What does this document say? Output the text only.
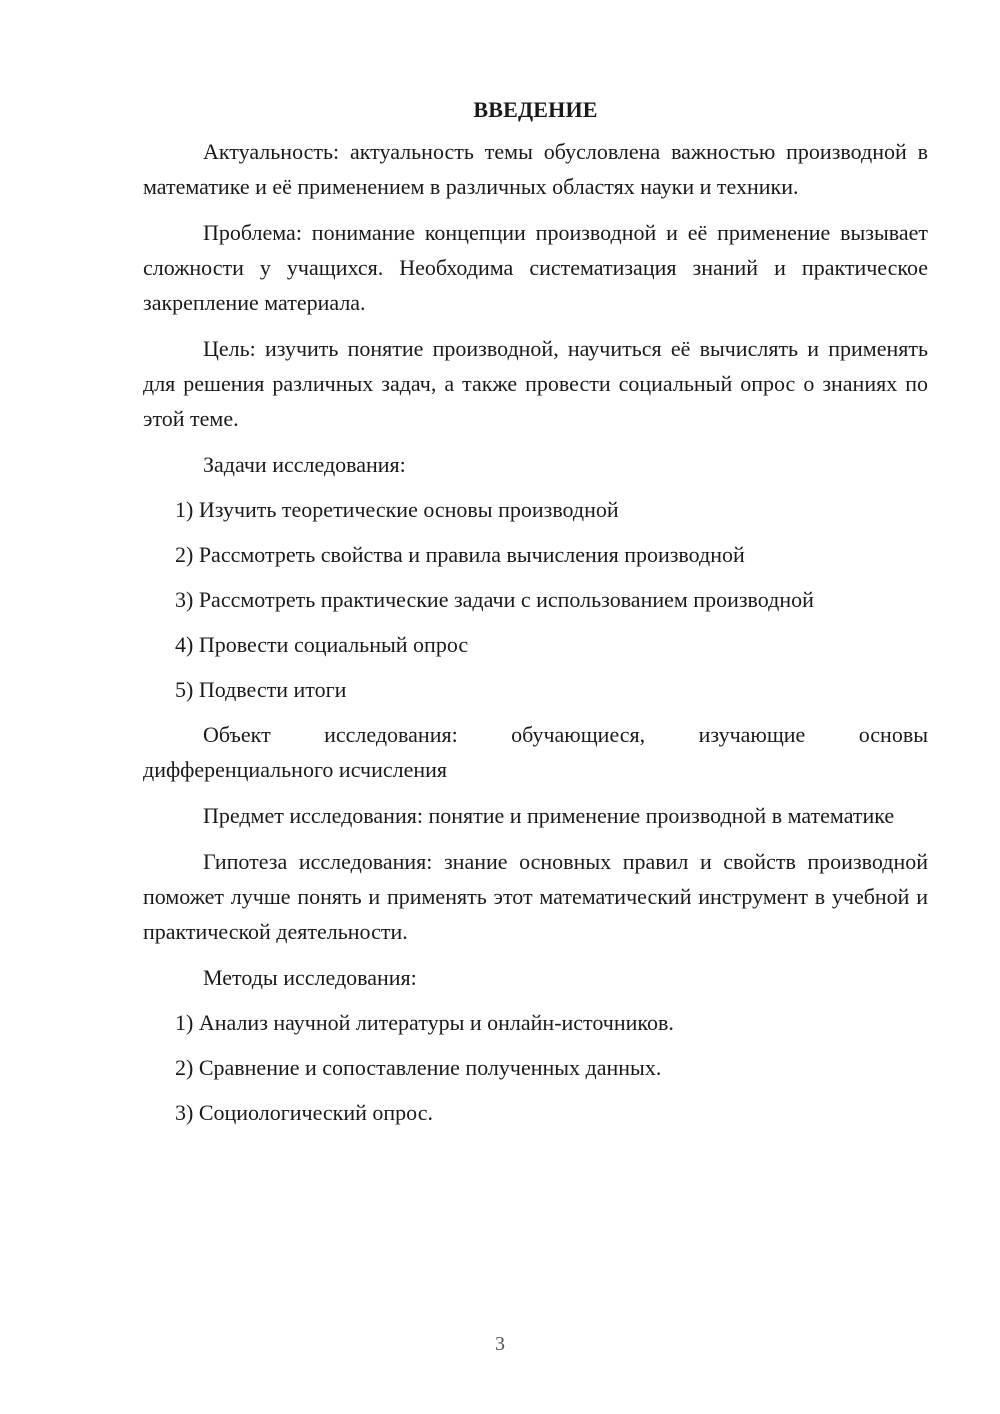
ВВЕДЕНИЕ

Актуальность: актуальность темы обусловлена важностью производной в математике и её применением в различных областях науки и техники.

Проблема: понимание концепции производной и её применение вызывает сложности у учащихся. Необходима систематизация знаний и практическое закрепление материала.

Цель: изучить понятие производной, научиться её вычислять и применять для решения различных задач, а также провести социальный опрос о знаниях по этой теме.

Задачи исследования:
1) Изучить теоретические основы производной
2) Рассмотреть свойства и правила вычисления производной
3) Рассмотреть практические задачи с использованием производной
4) Провести социальный опрос
5) Подвести итоги

Объект исследования: обучающиеся, изучающие основы дифференциального исчисления

Предмет исследования: понятие и применение производной в математике

Гипотеза исследования: знание основных правил и свойств производной поможет лучше понять и применять этот математический инструмент в учебной и практической деятельности.

Методы исследования:
1) Анализ научной литературы и онлайн-источников.
2) Сравнение и сопоставление полученных данных.
3) Социологический опрос.
3
